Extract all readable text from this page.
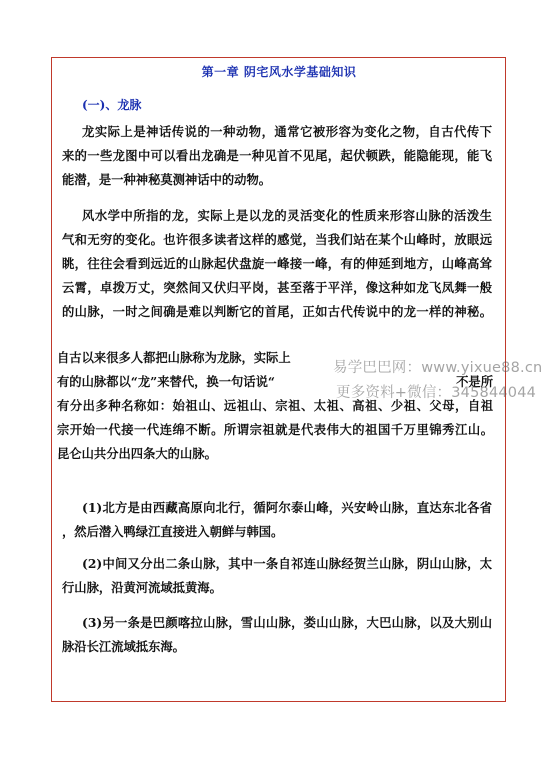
第一章 阴宅风水学基础知识
(一)、龙脉
龙实际上是神话传说的一种动物，通常它被形容为变化之物，自古代传下
来的一些龙图中可以看出龙确是一种见首不见尾，起伏顿跌，能隐能现，能飞
能潜，是一种神秘莫测神话中的动物。
风水学中所指的龙，实际上是以龙的灵活变化的性质来形容山脉的活泼生
气和无穷的变化。也许很多读者这样的感觉，当我们站在某个山峰时，放眼远
眺，往往会看到远近的山脉起伏盘旋一峰接一峰，有的伸延到地方，山峰高耸
云霄，卓拨万丈，突然间又伏归平岗，甚至落于平洋，像这种如龙飞凤舞一般
的山脉，一时之间确是难以判断它的首尾，正如古代传说中的龙一样的神秘。
自古以来很多人都把山脉称为龙脉，实际上
有的山脉都以“龙”来替代，换一句话说“	不是所
有分出多种名称如：始祖山、远祖山、宗祖、太祖、高祖、少祖、父母，自祖
宗开始一代接一代连绵不断。所谓宗祖就是代表伟大的祖国千万里锦秀江山。
昆仑山共分出四条大的山脉。
(1)北方是由西藏高原向北行，循阿尔泰山峰，兴安岭山脉，直达东北各省
，然后潜入鸭绿江直接进入朝鲜与韩国。
(2)中间又分出二条山脉，其中一条自祁连山脉经贺兰山脉，阴山山脉，太
行山脉，沿黄河流域抵黄海。
(3)另一条是巴颜喀拉山脉，雪山山脉，娄山山脉，大巴山脉，以及大别山
脉沿长江流域抵东海。
易学巴巴网：www.yixue88.cn
更多资料+微信：345844044
